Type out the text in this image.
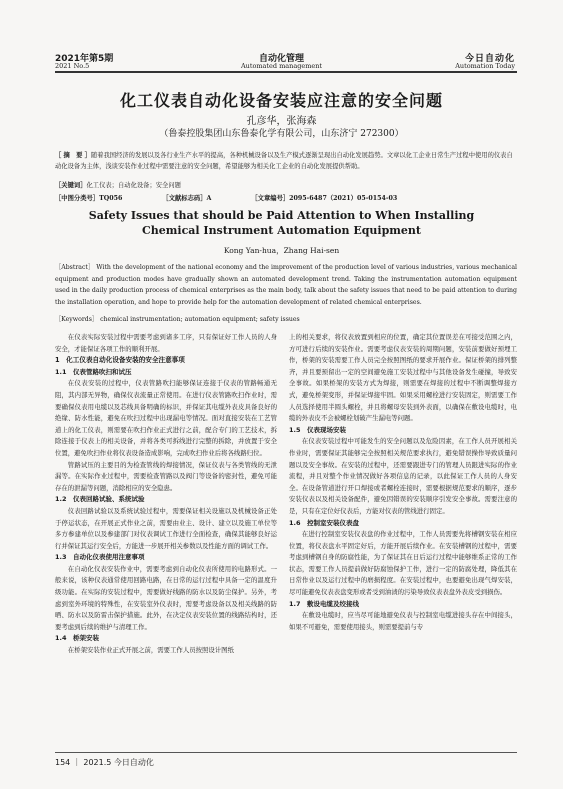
2021年第5期
2021 No.5
自动化管理
Automated management
今日自动化
Automation Today
化工仪表自动化设备安装应注意的安全问题
孔彦华，张海森
（鲁泰控股集团山东鲁泰化学有限公司，山东济宁 272300）
［ 摘　要 ］随着我国经济的发展以及各行业生产水平的提高，各种机械设备以及生产模式逐渐呈现出自动化发展趋势。文章以化工企业日常生产过程中使用的仪表自动化设备为主体，浅谈安装作业过程中需要注意的安全问题，希望能够为相关化工企业的自动化发展提供帮助。
［关键词］化工仪表；自动化设备；安全问题
［中图分类号］TQ056	［文献标志码］A	［文章编号］2095-6487（2021）05-0154-03
Safety Issues that should be Paid Attention to When Installing
Chemical Instrument Automation Equipment
Kong Yan-hua，Zhang Hai-sen
［Abstract］ With the development of the national economy and the improvement of the production level of various industries, various mechanical equipment and production modes have gradually shown an automated development trend. Taking the instrumentation automation equipment used in the daily production process of chemical enterprises as the main body, talk about the safety issues that need to be paid attention to during the installation operation, and hope to provide help for the automation development of related chemical enterprises.
［Keywords］ chemical instrumentation; automation equipment; safety issues

在仪表实际安装过程中需要考虑到诸多工序，只有保证好工作人员的人身安全，才能保证各项工作的顺利开展。

1　化工仪表自动化设备安装的安全注意事项
1.1　仪表管路吹扫和试压

在仪表安装的过程中，仪表管路吹扫能够保证连接于仪表的管路畅通无阻，其内部无异物，确保仪表流量正常使用。在进行仪表管路吹扫作业时，需要确保仪表用电缆以及芯线具备明确的标识，并保证其电缆外表皮具备良好的绝缘、防水性能，避免在吹扫过程中出现漏电等情况。面对直接安装在工艺管道上的化工仪表，则需要在吹扫作业正式进行之前，配合专门的工艺技术，拆除连接于仪表上的相关设备，并将各类可拆线进行完整的拆除，并放置于安全位置，避免吹扫作业将仪表设备造成影响，完成吹扫作业后将各线路归位。

管路试压的主要目的为检查管线的焊接情况，保证仪表与各类管线的无泄漏等。在实际作业过程中，需要检查管路以及阀门等设备的密封性，避免可能存在的泄漏等问题，消除相应的安全隐患。

1.2　仪表回路试验、系统试验

仪表回路试验以及系统试验过程中，需要保证相关设施以及机械设备正处于停运状态，在开展正式作业之前，需要由业主、设计、建立以及施工单位等多方参建单位以及参建部门对仪表调试工作进行全面检查，确保其能够良好运行并保证其运行安全后，方能进一步展开相关参数以及性能方面的调试工作。

1.3　自动化仪表使用注意事项

在自动化仪表安装作业中，需要考虑到自动化仪表所使用的电路形式。一般来说，该种仪表通常使用回路电路，在日常的运行过程中具备一定的温度升级功能。在实际的安装过程中，需要做好线路的防水以及防尘保护。另外，考虑到室外环境的特殊性，在安装室外仪表时，需要考虑设备以及相关线路的防晒、防水以及防雷击保护措施。此外，在决定仪表安装位置的线路结构时，还要考虑到后续的维护与清理工作。

1.4　桥架安装

在桥架安装作业正式开展之前，需要工作人员按照设计图纸

上的相关要求，将仪表放置到相应的位置，确定其位置误差在可接受范围之内，方可进行后续的安装作业。需要考虑仪表安装的周期问题，安装前要做好预埋工作，桥架的安装需要工作人员完全按照图纸的要求开展作业。保证桥架的排列整齐，并且要预留出一定的空间避免施工安装过程中与其他设备发生碰撞，导致安全事故。如果桥架的安装方式为焊接，则需要在焊接的过程中不断调整焊接方式，避免桥架变形，并保证焊接牢固。如果采用螺栓进行安装固定，则需要工作人员选择使用半圆头螺栓，并且将螺母安装到外表面，以确保在敷设电缆时，电缆的外表皮不会被螺栓划破产生漏电等问题。

1.5　仪表现场安装

在仪表安装过程中可能发生的安全问题以及危险因素，在工作人员开展相关作业时，需要保证其能够完全按照相关规范要求执行，避免错误操作导致质量问题以及安全事故。在安装的过程中，还需要跟进专门的管理人员跟进实际的作业流程，并且对整个作业情况做好各项信息的记录，以此保证工作人员的人身安全。在设备管道进行开口焊接或者螺栓连接时，需要根据规范要求的顺序，逐步安装仪表以及相关设备配件，避免因错误的安装顺序引发安全事故。需要注意的是，只有在定位好仪表后，方能对仪表的管线进行固定。

1.6　控制室安装仪表盘

在进行控制室安装仪表盘的作业过程中，工作人员需要先将槽钢安装在相应位置，将仪表盘水平固定好后，方能开展后续作业。在安装槽钢的过程中，需要考虑到槽钢自身的防腐性能，为了保证其在日后运行过程中能够维系正常的工作状态，需要工作人员提前做好防腐蚀保护工作，进行一定的防腐处理，降低其在日常作业以及运行过程中的磨损程度。在安装过程中，也要避免出现气焊安装，尽可能避免仪表表盘变形或者受到油渍的污染导致仪表表盘外表皮受到损伤。

1.7　敷设电缆及绞接线

在敷设电缆时，应当尽可能地避免仪表与控制室电缆进接头存在中间接头，如果不可避免，需要使用接头，则需要提前与专

154 ｜ 2021.5 今日自动化
